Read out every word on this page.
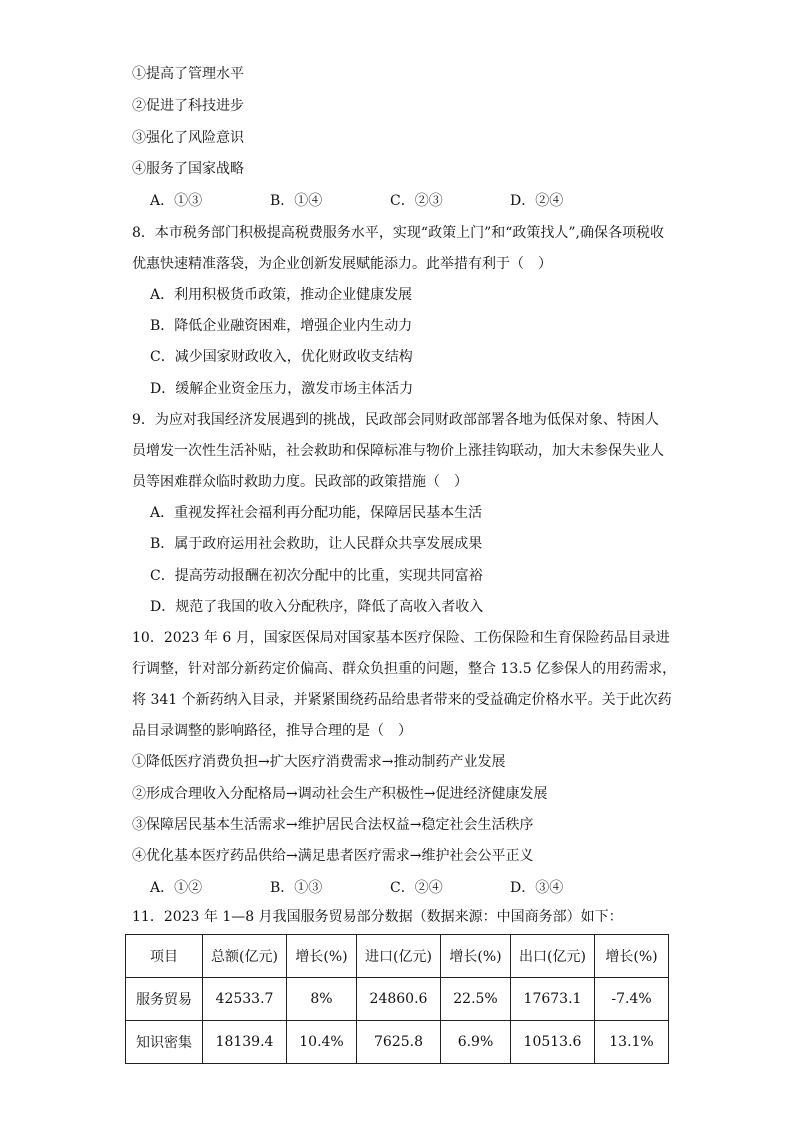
①提高了管理水平
②促进了科技进步
③强化了风险意识
④服务了国家战略
A．①③	B．①④	C．②③	D．②④
8．本市税务部门积极提高税费服务水平，实现“政策上门”和“政策找人”,确保各项税收
优惠快速精准落袋，为企业创新发展赋能添力。此举措有利于（　）
A．利用积极货币政策，推动企业健康发展
B．降低企业融资困难，增强企业内生动力
C．减少国家财政收入，优化财政收支结构
D．缓解企业资金压力，激发市场主体活力
9．为应对我国经济发展遇到的挑战，民政部会同财政部部署各地为低保对象、特困人
员增发一次性生活补贴，社会救助和保障标准与物价上涨挂钩联动，加大未参保失业人
员等困难群众临时救助力度。民政部的政策措施（　）
A．重视发挥社会福利再分配功能，保障居民基本生活
B．属于政府运用社会救助，让人民群众共享发展成果
C．提高劳动报酬在初次分配中的比重，实现共同富裕
D．规范了我国的收入分配秩序，降低了高收入者收入
10．2023 年 6 月，国家医保局对国家基本医疗保险、工伤保险和生育保险药品目录进
行调整，针对部分新药定价偏高、群众负担重的问题，整合 13.5 亿参保人的用药需求，
将 341 个新药纳入目录，并紧紧围绕药品给患者带来的受益确定价格水平。关于此次药
品目录调整的影响路径，推导合理的是（　）
①降低医疗消费负担→扩大医疗消费需求→推动制药产业发展
②形成合理收入分配格局→调动社会生产积极性→促进经济健康发展
③保障居民基本生活需求→维护居民合法权益→稳定社会生活秩序
④优化基本医疗药品供给→满足患者医疗需求→维护社会公平正义
A．①②	B．①③	C．②④	D．③④
11．2023 年 1—8 月我国服务贸易部分数据（数据来源：中国商务部）如下：
项目	总额(亿元)	增长(%)	进口(亿元)	增长(%)	出口(亿元)	增长(%)
服务贸易	42533.7	8%	24860.6	22.5%	17673.1	-7.4%
知识密集	18139.4	10.4%	7625.8	6.9%	10513.6	13.1%
